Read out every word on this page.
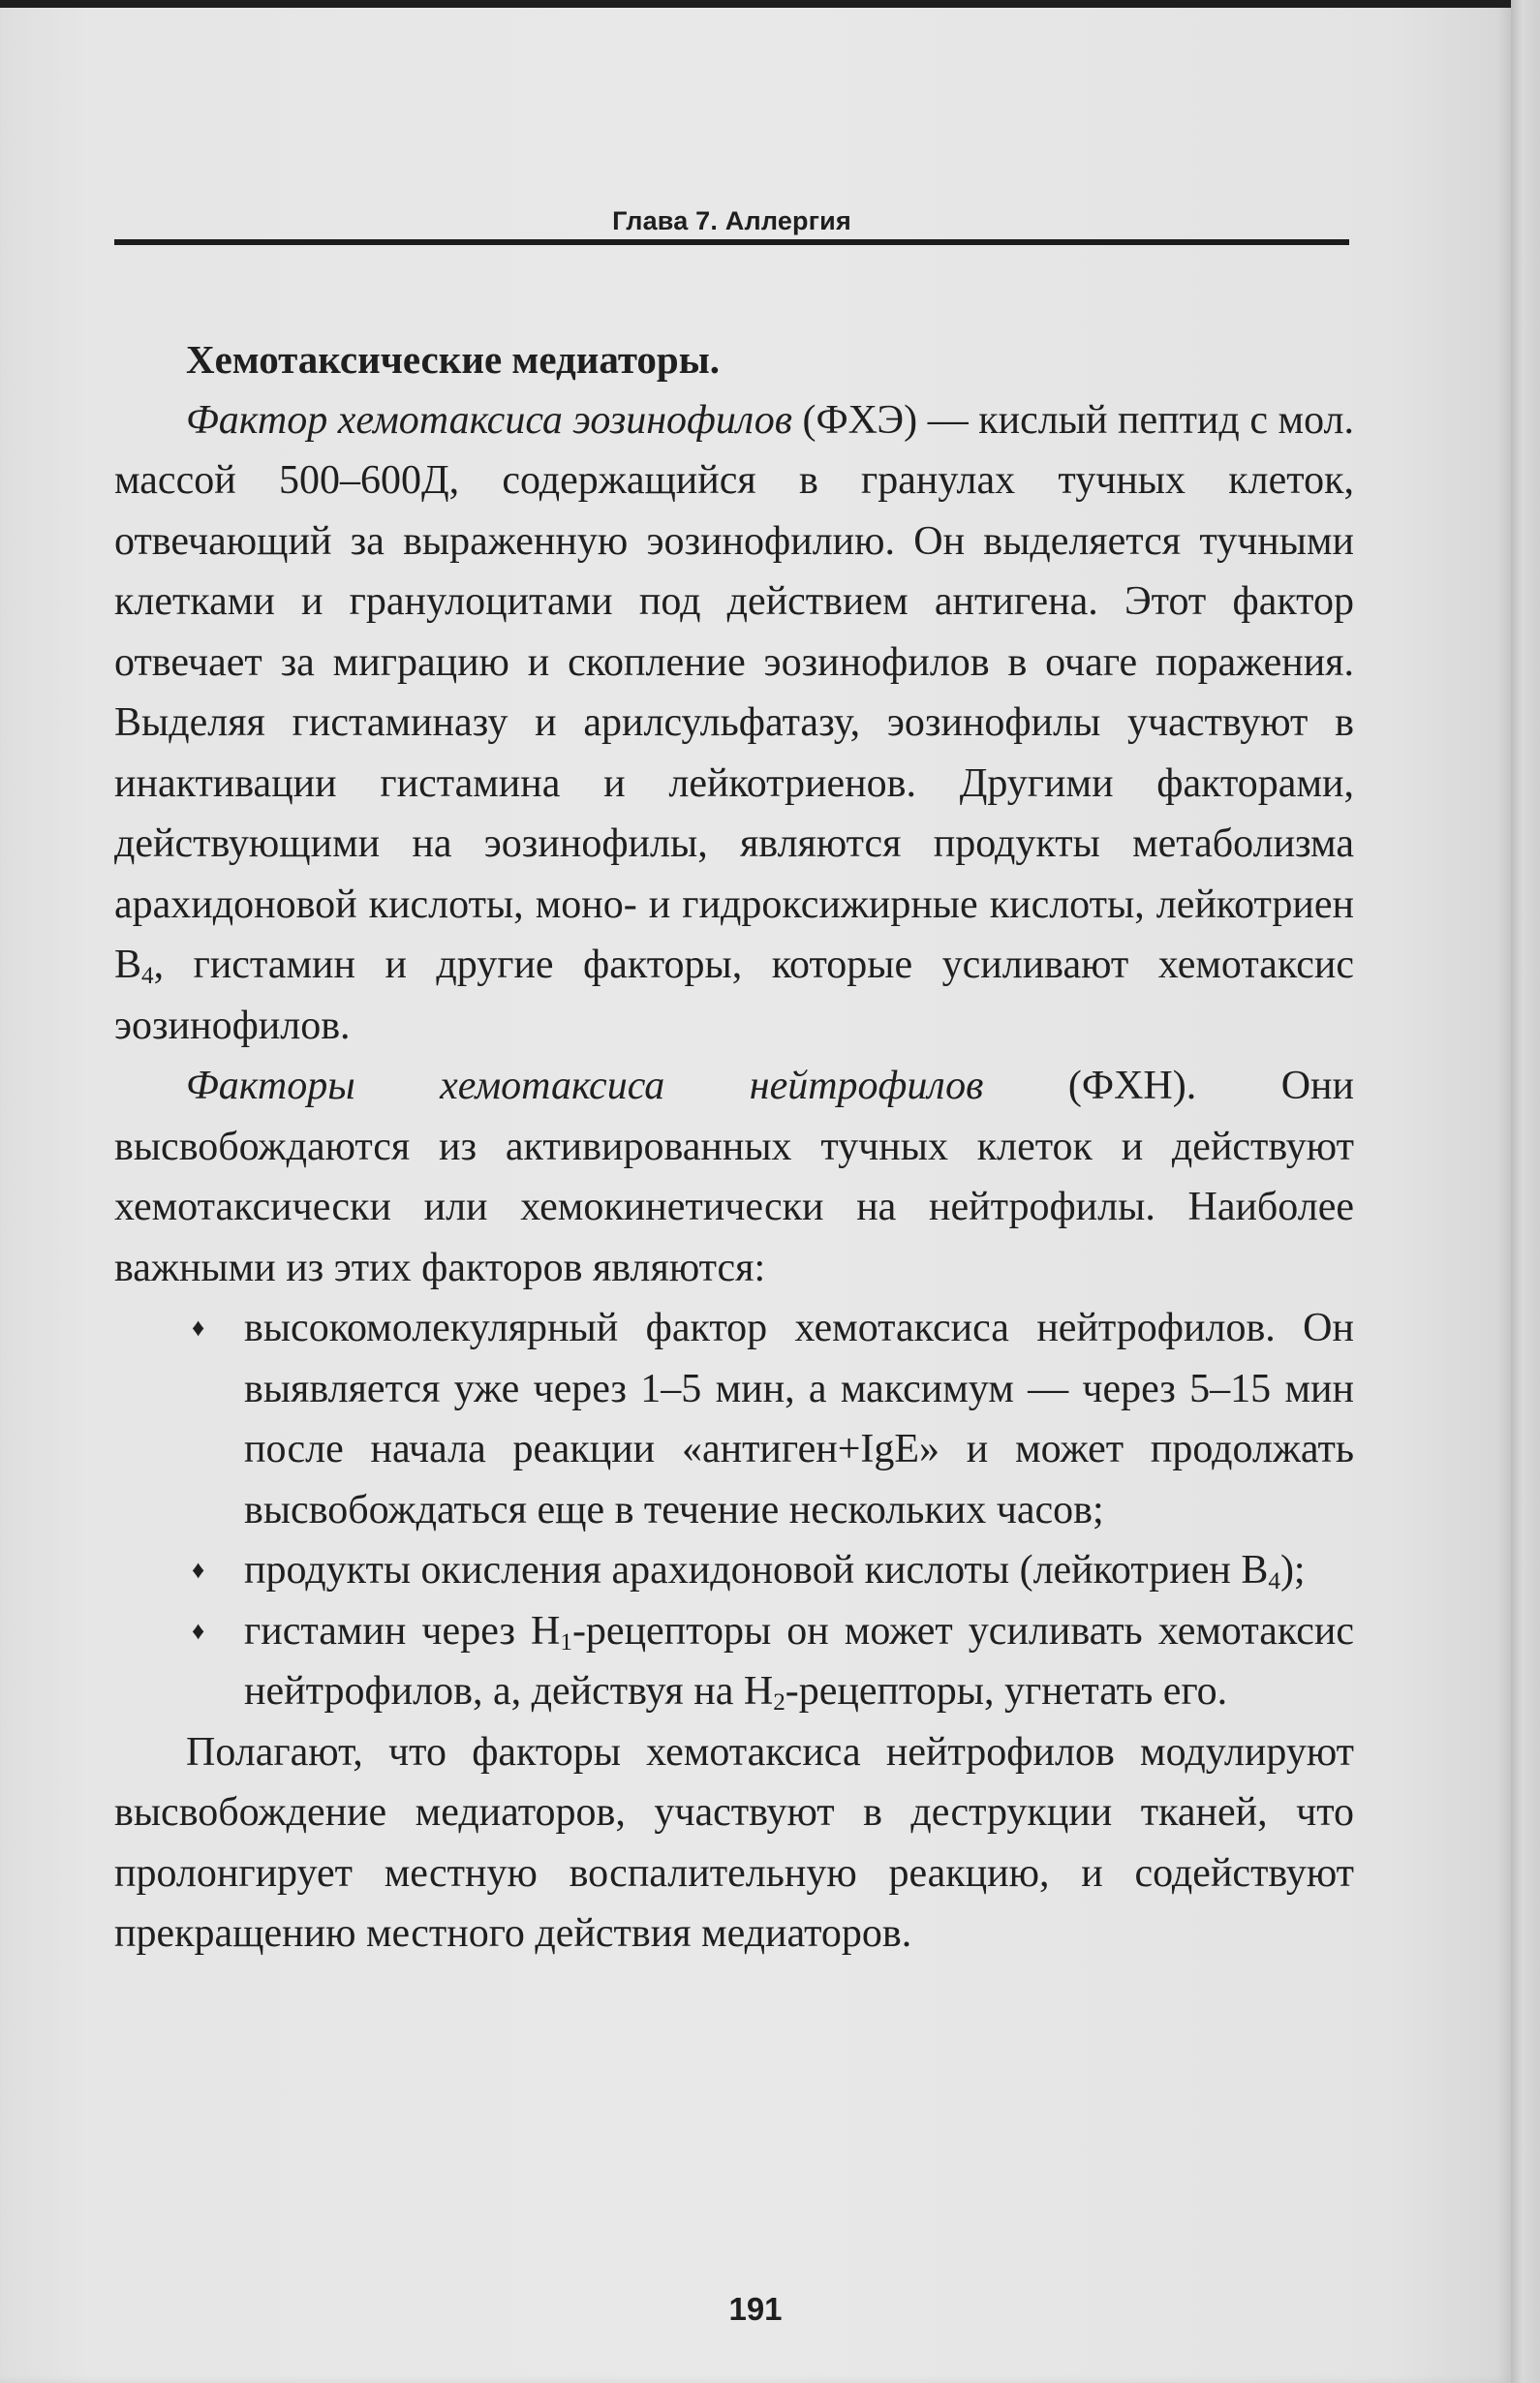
Глава 7. Аллергия

Хемотаксические медиаторы.

Фактор хемотаксиса эозинофилов (ФХЭ) — кислый пептид с мол. массой 500–600Д, содержащийся в гранулах тучных клеток, отвечающий за выраженную эозинофилию. Он выделяется тучными клетками и гранулоцитами под действием антигена. Этот фактор отвечает за миграцию и скопление эозинофилов в очаге поражения. Выделяя гистаминазу и арилсульфатазу, эозинофилы участвуют в инактивации гистамина и лейкотриенов. Другими факторами, действующими на эозинофилы, являются продукты метаболизма арахидоновой кислоты, моно- и гидроксижирные кислоты, лейкотриен $B_4$, гистамин и другие факторы, которые усиливают хемотаксис эозинофилов.

Факторы хемотаксиса нейтрофилов (ФХН). Они высвобождаются из активированных тучных клеток и действуют хемотаксически или хемокинетически на нейтрофилы. Наиболее важными из этих факторов являются:

♦ высокомолекулярный фактор хемотаксиса нейтрофилов. Он выявляется уже через 1–5 мин, а максимум — через 5–15 мин после начала реакции «антиген+IgE» и может продолжать высвобождаться еще в течение нескольких часов;
♦ продукты окисления арахидоновой кислоты (лейкотриен $B_4$);
♦ гистамин через $H_1$-рецепторы он может усиливать хемотаксис нейтрофилов, а, действуя на $H_2$-рецепторы, угнетать его.

Полагают, что факторы хемотаксиса нейтрофилов модулируют высвобождение медиаторов, участвуют в деструкции тканей, что пролонгирует местную воспалительную реакцию, и содействуют прекращению местного действия медиаторов.

191
